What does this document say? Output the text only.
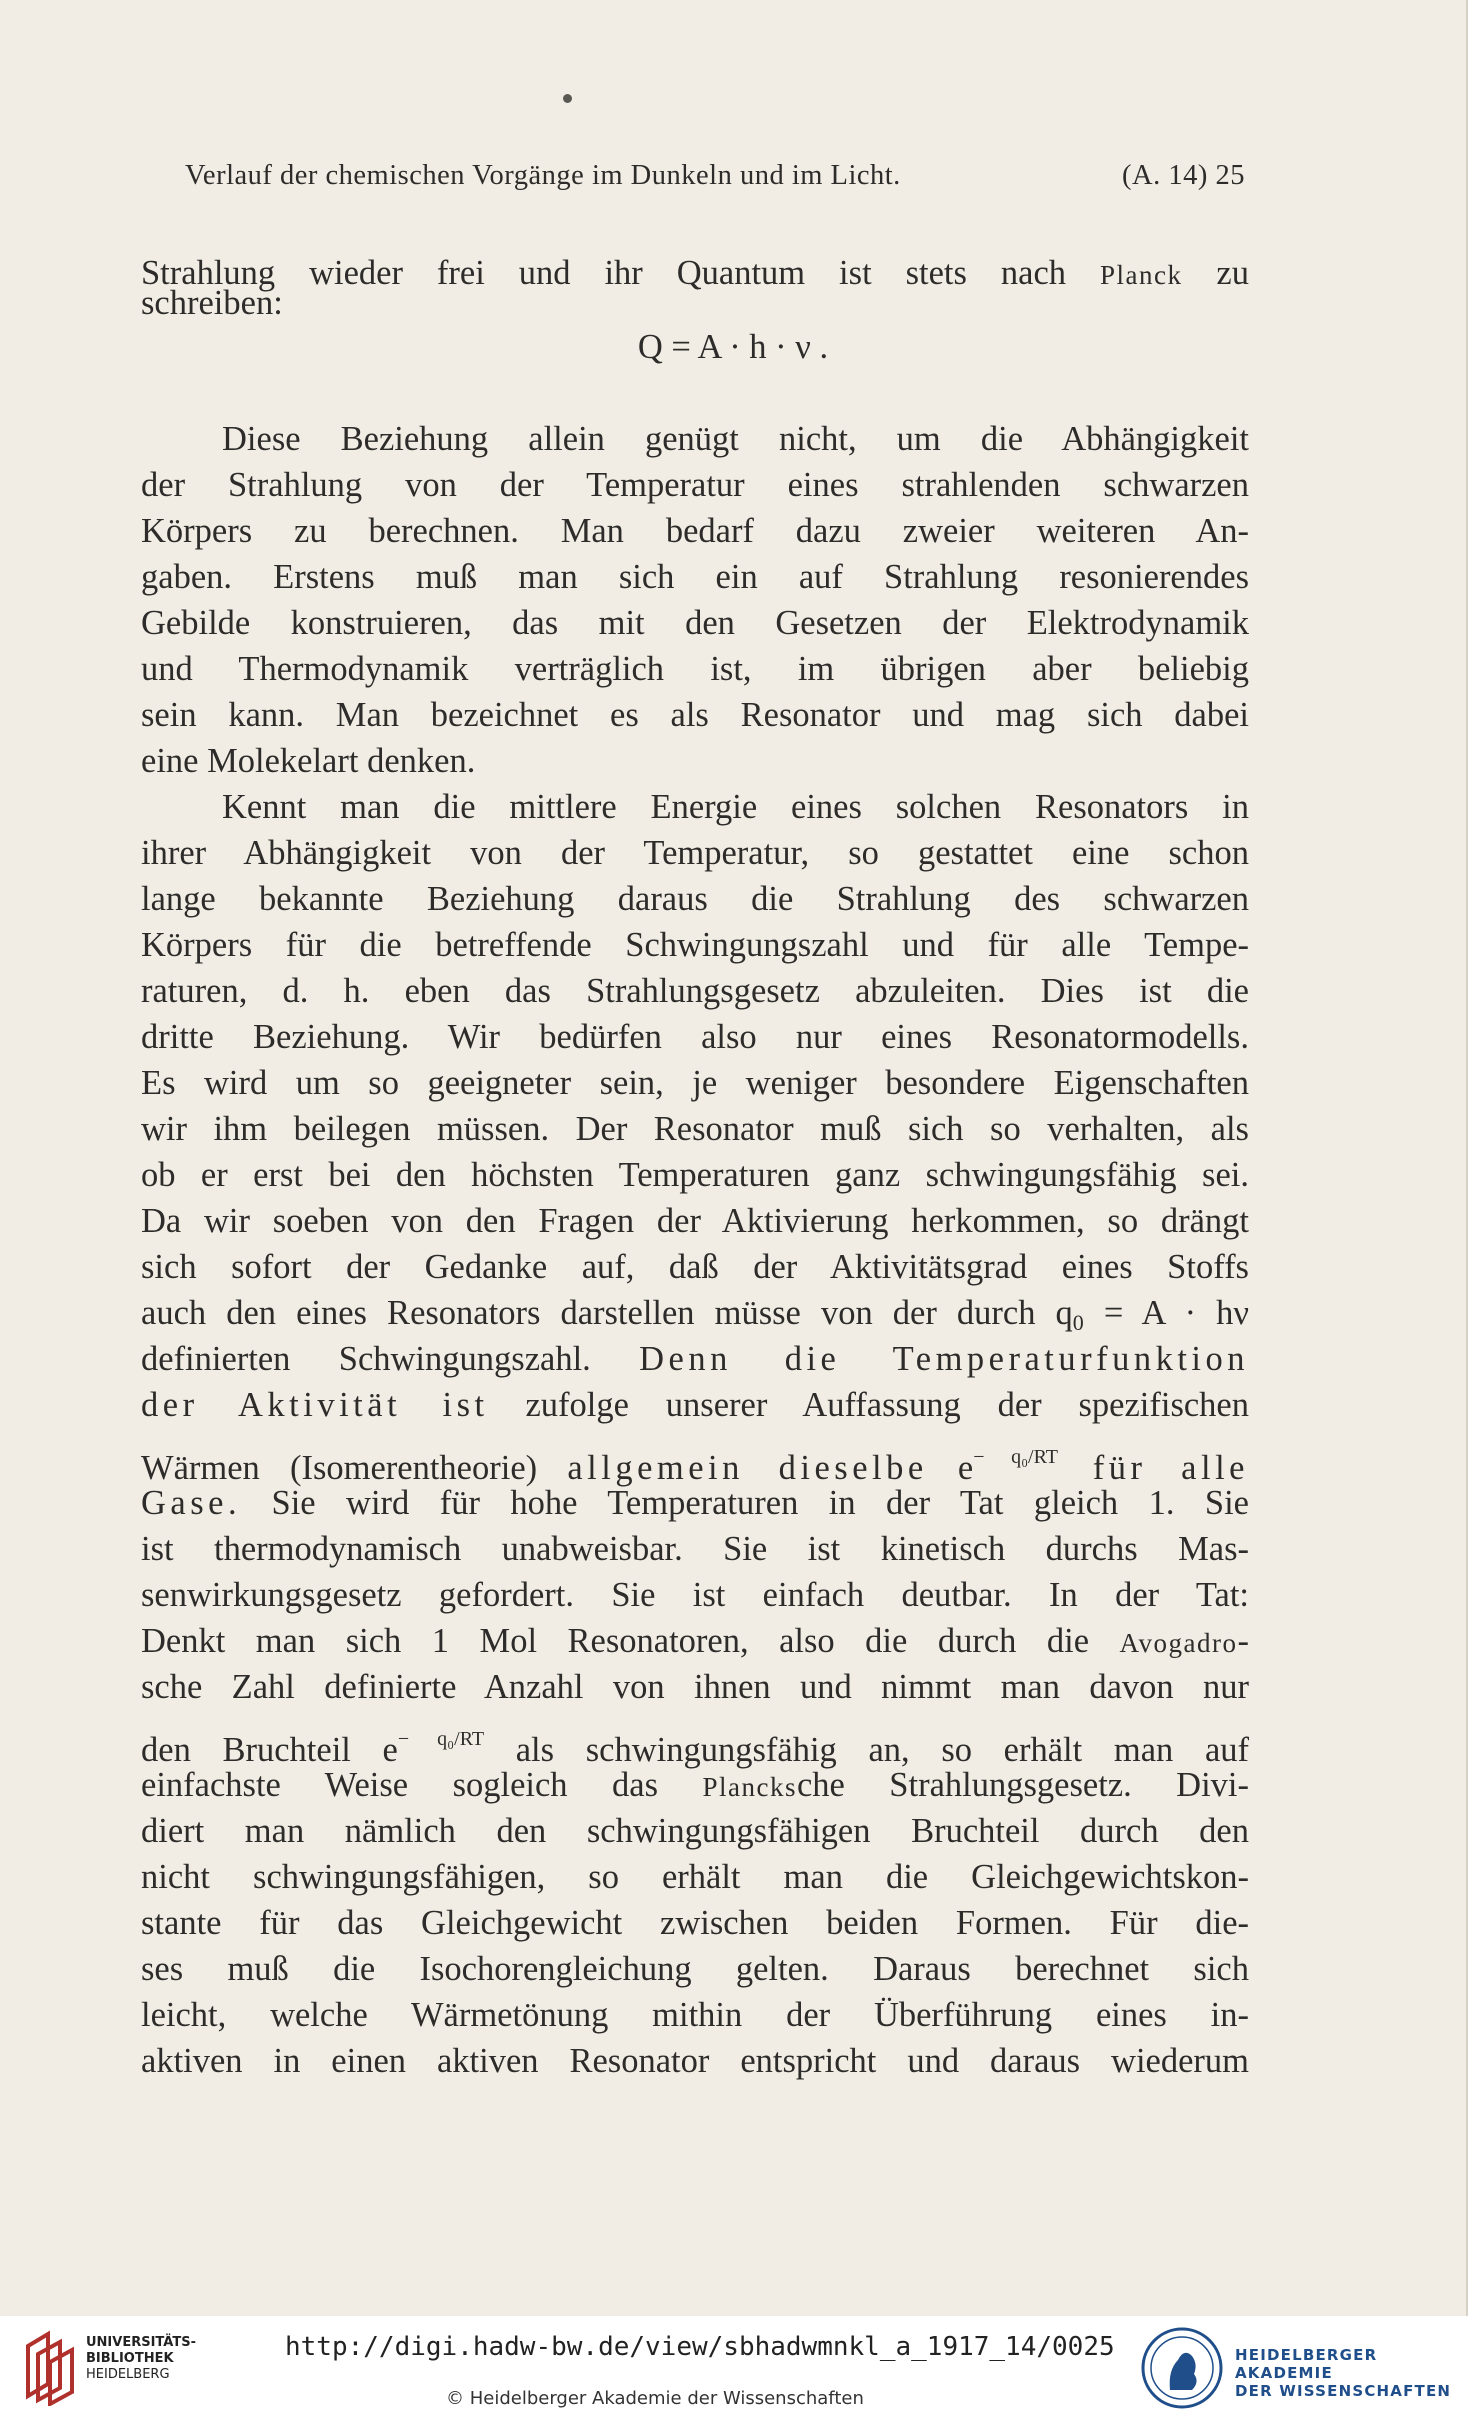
Verlauf der chemischen Vorgänge im Dunkeln und im Licht.	(A. 14) 25
Strahlung wieder frei und ihr Quantum ist stets nach Planck zu
schreiben:
Q = A · h · ν .
Diese Beziehung allein genügt nicht, um die Abhängigkeit
der Strahlung von der Temperatur eines strahlenden schwarzen
Körpers zu berechnen. Man bedarf dazu zweier weiteren An-
gaben. Erstens muß man sich ein auf Strahlung resonierendes
Gebilde konstruieren, das mit den Gesetzen der Elektrodynamik
und Thermodynamik verträglich ist, im übrigen aber beliebig
sein kann. Man bezeichnet es als Resonator und mag sich dabei
eine Molekelart denken.
Kennt man die mittlere Energie eines solchen Resonators in
ihrer Abhängigkeit von der Temperatur, so gestattet eine schon
lange bekannte Beziehung daraus die Strahlung des schwarzen
Körpers für die betreffende Schwingungszahl und für alle Tempe-
raturen, d. h. eben das Strahlungsgesetz abzuleiten. Dies ist die
dritte Beziehung. Wir bedürfen also nur eines Resonatormodells.
Es wird um so geeigneter sein, je weniger besondere Eigenschaften
wir ihm beilegen müssen. Der Resonator muß sich so verhalten, als
ob er erst bei den höchsten Temperaturen ganz schwingungsfähig sei.
Da wir soeben von den Fragen der Aktivierung herkommen, so drängt
sich sofort der Gedanke auf, daß der Aktivitätsgrad eines Stoffs
auch den eines Resonators darstellen müsse von der durch $q_0 = A \cdot h\nu$
definierten Schwingungszahl. Denn die Temperaturfunktion
der Aktivität ist zufolge unserer Auffassung der spezifischen
Wärmen (Isomerentheorie) allgemein dieselbe $e^{- q_0/RT}$ für alle
Gase. Sie wird für hohe Temperaturen in der Tat gleich 1. Sie
ist thermodynamisch unabweisbar. Sie ist kinetisch durchs Mas-
senwirkungsgesetz gefordert. Sie ist einfach deutbar. In der Tat:
Denkt man sich 1 Mol Resonatoren, also die durch die Avogadro-
sche Zahl definierte Anzahl von ihnen und nimmt man davon nur
den Bruchteil $e^{- q_0/RT}$ als schwingungsfähig an, so erhält man auf
einfachste Weise sogleich das Plancksche Strahlungsgesetz. Divi-
diert man nämlich den schwingungsfähigen Bruchteil durch den
nicht schwingungsfähigen, so erhält man die Gleichgewichtskon-
stante für das Gleichgewicht zwischen beiden Formen. Für die-
ses muß die Isochorengleichung gelten. Daraus berechnet sich
leicht, welche Wärmetönung mithin der Überführung eines in-
aktiven in einen aktiven Resonator entspricht und daraus wiederum
UNIVERSITÄTS-
BIBLIOTHEK
HEIDELBERG
http://digi.hadw-bw.de/view/sbhadwmnkl_a_1917_14/0025
© Heidelberger Akademie der Wissenschaften
HEIDELBERGER AKADEMIE
DER WISSENSCHAFTEN
